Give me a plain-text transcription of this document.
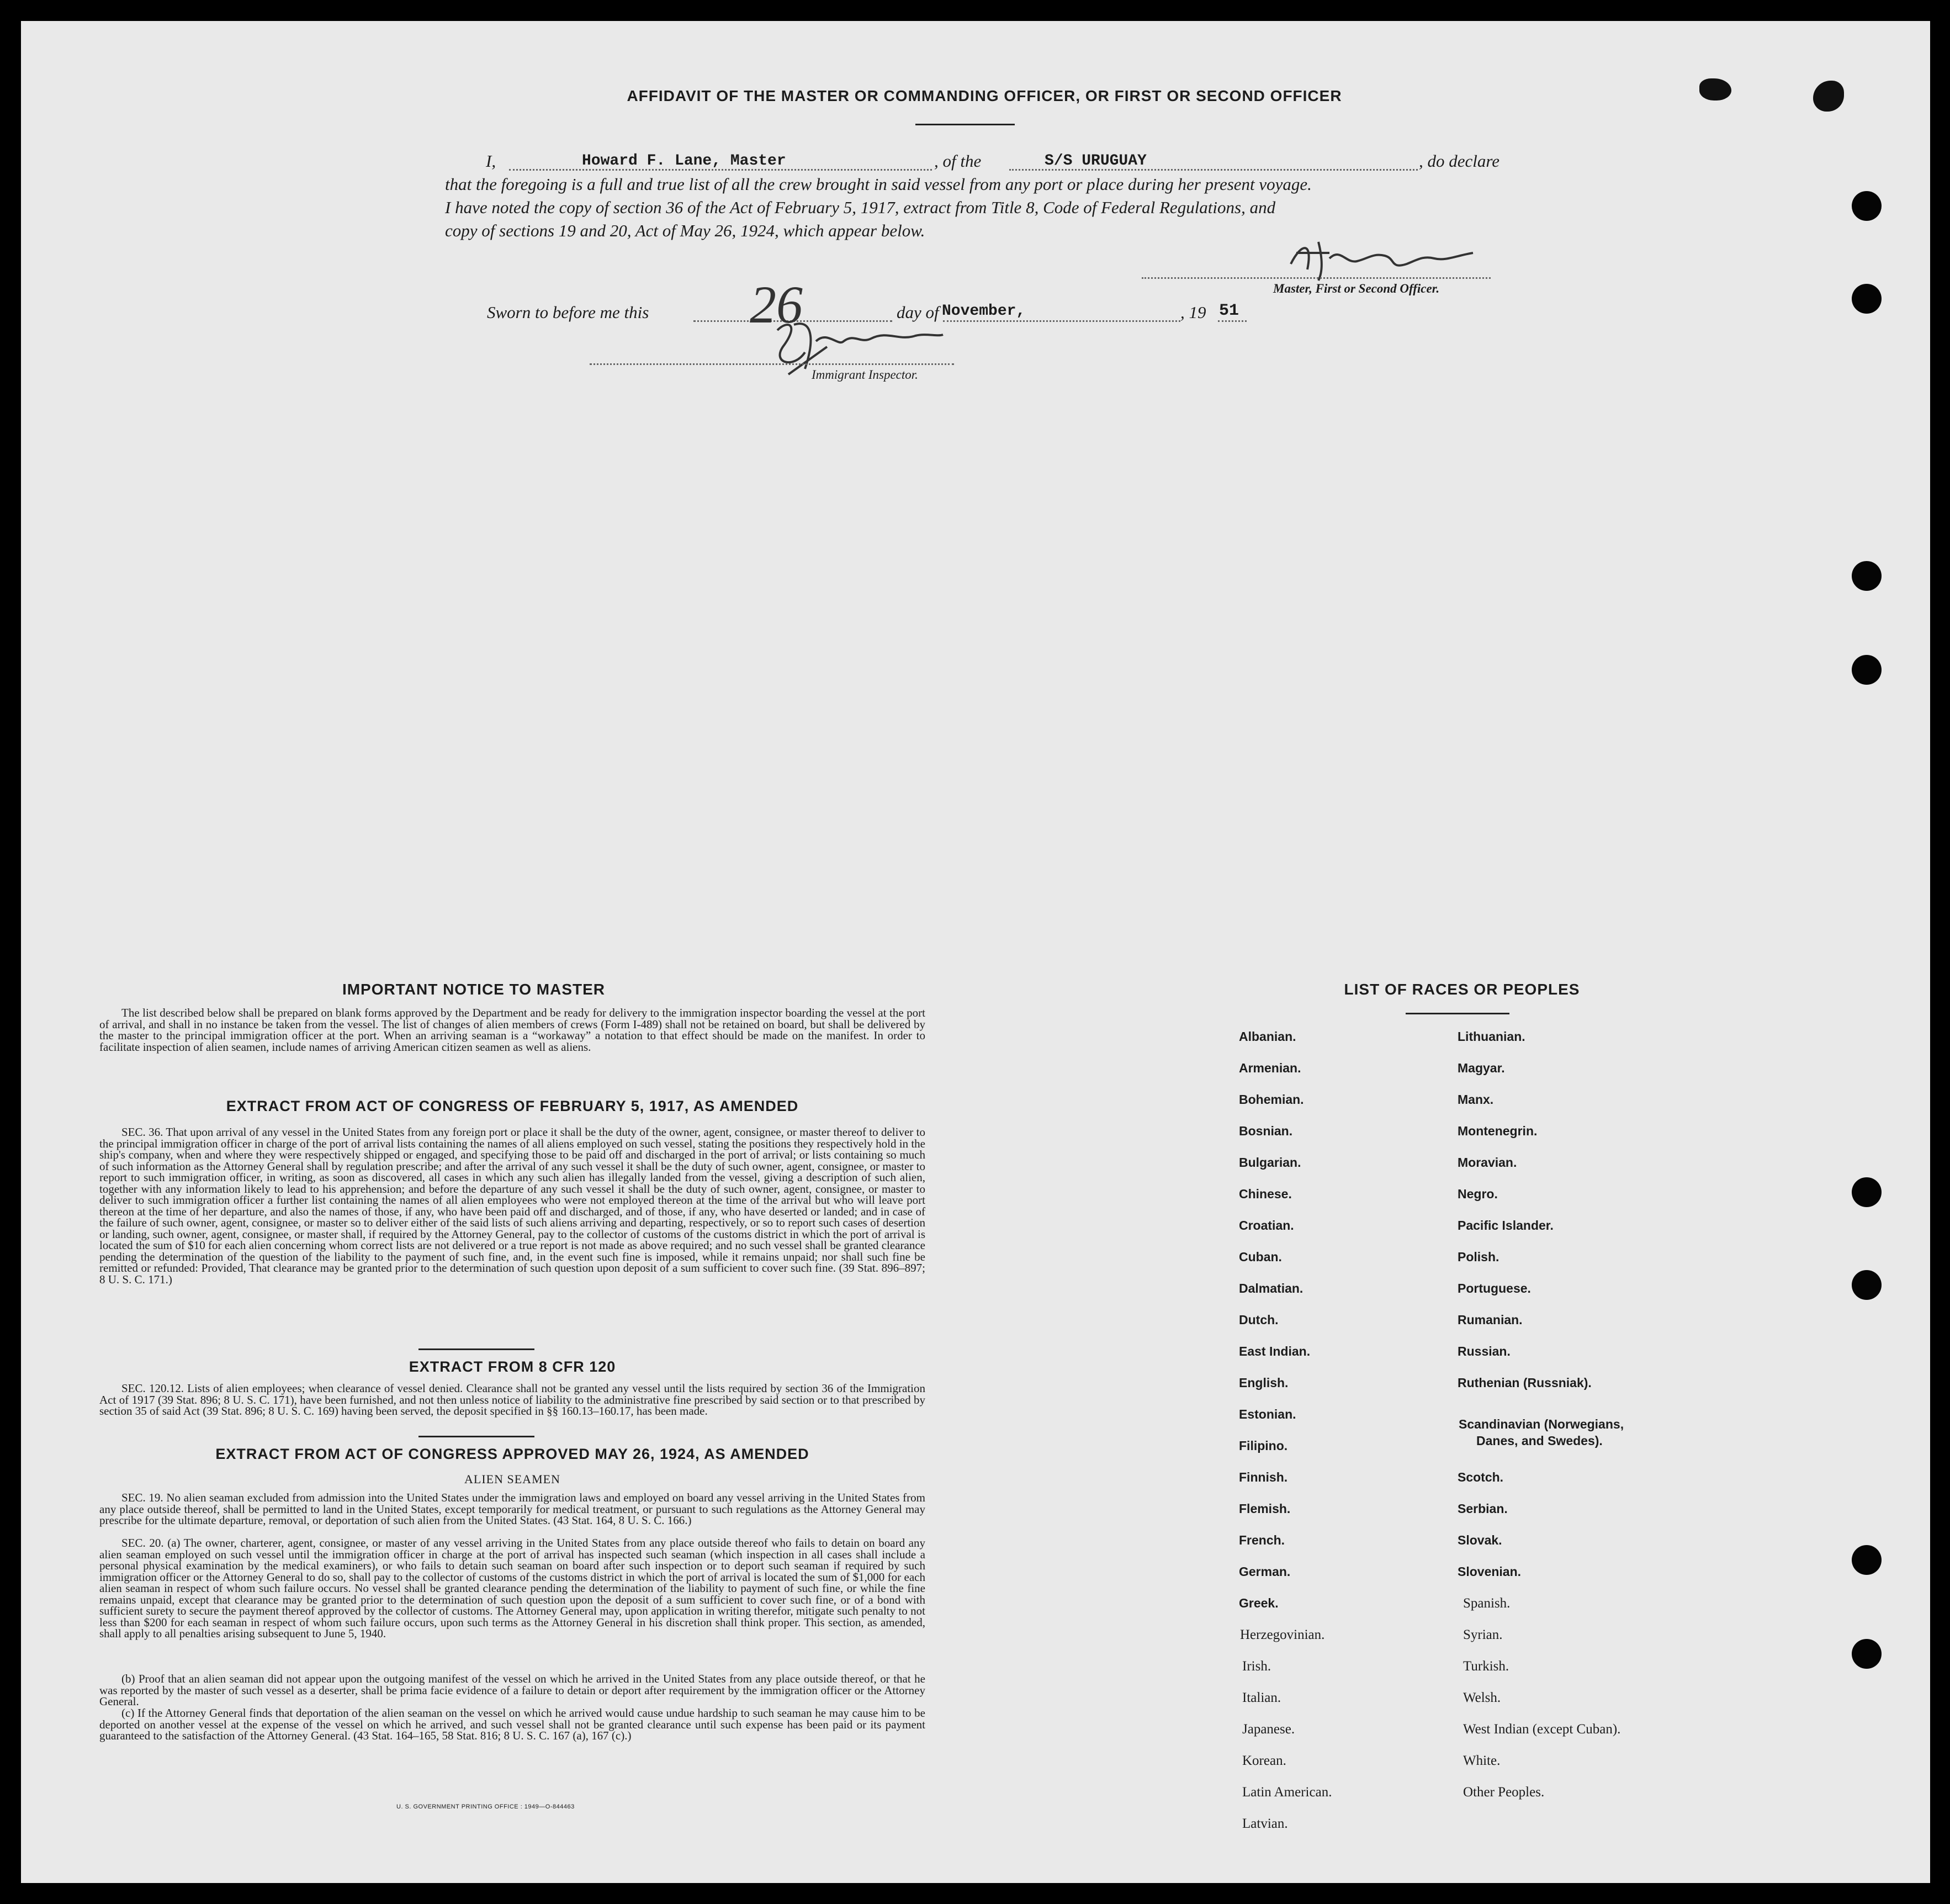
AFFIDAVIT OF THE MASTER OR COMMANDING OFFICER, OR FIRST OR SECOND OFFICER
I,	Howard F. Lane, Master	, of the	S/S URUGUAY	, do declare
that the foregoing is a full and true list of all the crew brought in said vessel from any port or place during her present voyage.
I have noted the copy of section 36 of the Act of February 5, 1917, extract from Title 8, Code of Federal Regulations, and
copy of sections 19 and 20, Act of May 26, 1924, which appear below.
Master, First or Second Officer.
Sworn to before me this 26	day of November,	, 19 51
Immigrant Inspector.
IMPORTANT NOTICE TO MASTER
The list described below shall be prepared on blank forms approved by the Department and be ready for delivery to the immigration inspector boarding the vessel at the port of arrival, and shall in no instance be taken from the vessel. The list of changes of alien members of crews (Form I-489) shall not be retained on board, but shall be delivered by the master to the principal immigration officer at the port. When an arriving seaman is a “workaway” a notation to that effect should be made on the manifest. In order to facilitate inspection of alien seamen, include names of arriving American citizen seamen as well as aliens.
EXTRACT FROM ACT OF CONGRESS OF FEBRUARY 5, 1917, AS AMENDED
SEC. 36. That upon arrival of any vessel in the United States from any foreign port or place it shall be the duty of the owner, agent, consignee, or master thereof to deliver to the principal immigration officer in charge of the port of arrival lists containing the names of all aliens employed on such vessel, stating the positions they respectively hold in the ship's company, when and where they were respectively shipped or engaged, and specifying those to be paid off and discharged in the port of arrival; or lists containing so much of such information as the Attorney General shall by regulation prescribe; and after the arrival of any such vessel it shall be the duty of such owner, agent, consignee, or master to report to such immigration officer, in writing, as soon as discovered, all cases in which any such alien has illegally landed from the vessel, giving a description of such alien, together with any information likely to lead to his apprehension; and before the departure of any such vessel it shall be the duty of such owner, agent, consignee, or master to deliver to such immigration officer a further list containing the names of all alien employees who were not employed thereon at the time of the arrival but who will leave port thereon at the time of her departure, and also the names of those, if any, who have been paid off and discharged, and of those, if any, who have deserted or landed; and in case of the failure of such owner, agent, consignee, or master so to deliver either of the said lists of such aliens arriving and departing, respectively, or so to report such cases of desertion or landing, such owner, agent, consignee, or master shall, if required by the Attorney General, pay to the collector of customs of the customs district in which the port of arrival is located the sum of $10 for each alien concerning whom correct lists are not delivered or a true report is not made as above required; and no such vessel shall be granted clearance pending the determination of the question of the liability to the payment of such fine, and, in the event such fine is imposed, while it remains unpaid; nor shall such fine be remitted or refunded: Provided, That clearance may be granted prior to the determination of such question upon deposit of a sum sufficient to cover such fine. (39 Stat. 896–897; 8 U. S. C. 171.)
EXTRACT FROM 8 CFR 120
SEC. 120.12. Lists of alien employees; when clearance of vessel denied. Clearance shall not be granted any vessel until the lists required by section 36 of the Immigration Act of 1917 (39 Stat. 896; 8 U. S. C. 171), have been furnished, and not then unless notice of liability to the administrative fine prescribed by said section or to that prescribed by section 35 of said Act (39 Stat. 896; 8 U. S. C. 169) having been served, the deposit specified in §§ 160.13–160.17, has been made.
EXTRACT FROM ACT OF CONGRESS APPROVED MAY 26, 1924, AS AMENDED
ALIEN SEAMEN
SEC. 19. No alien seaman excluded from admission into the United States under the immigration laws and employed on board any vessel arriving in the United States from any place outside thereof, shall be permitted to land in the United States, except temporarily for medical treatment, or pursuant to such regulations as the Attorney General may prescribe for the ultimate departure, removal, or deportation of such alien from the United States. (43 Stat. 164, 8 U. S. C. 166.)
SEC. 20. (a) The owner, charterer, agent, consignee, or master of any vessel arriving in the United States from any place outside thereof who fails to detain on board any alien seaman employed on such vessel until the immigration officer in charge at the port of arrival has inspected such seaman (which inspection in all cases shall include a personal physical examination by the medical examiners), or who fails to detain such seaman on board after such inspection or to deport such seaman if required by such immigration officer or the Attorney General to do so, shall pay to the collector of customs of the customs district in which the port of arrival is located the sum of $1,000 for each alien seaman in respect of whom such failure occurs. No vessel shall be granted clearance pending the determination of the liability to payment of such fine, or while the fine remains unpaid, except that clearance may be granted prior to the determination of such question upon the deposit of a sum sufficient to cover such fine, or of a bond with sufficient surety to secure the payment thereof approved by the collector of customs. The Attorney General may, upon application in writing therefor, mitigate such penalty to not less than $200 for each seaman in respect of whom such failure occurs, upon such terms as the Attorney General in his discretion shall think proper. This section, as amended, shall apply to all penalties arising subsequent to June 5, 1940.
(b) Proof that an alien seaman did not appear upon the outgoing manifest of the vessel on which he arrived in the United States from any place outside thereof, or that he was reported by the master of such vessel as a deserter, shall be prima facie evidence of a failure to detain or deport after requirement by the immigration officer or the Attorney General.
(c) If the Attorney General finds that deportation of the alien seaman on the vessel on which he arrived would cause undue hardship to such seaman he may cause him to be deported on another vessel at the expense of the vessel on which he arrived, and such vessel shall not be granted clearance until such expense has been paid or its payment guaranteed to the satisfaction of the Attorney General. (43 Stat. 164–165, 58 Stat. 816; 8 U. S. C. 167 (a), 167 (c).)
U. S. GOVERNMENT PRINTING OFFICE : 1949—O-844463
LIST OF RACES OR PEOPLES
Albanian.
Armenian.
Bohemian.
Bosnian.
Bulgarian.
Chinese.
Croatian.
Cuban.
Dalmatian.
Dutch.
East Indian.
English.
Estonian.
Filipino.
Finnish.
Flemish.
French.
German.
Greek.
Herzegovinian.
Irish.
Italian.
Japanese.
Korean.
Latin American.
Latvian.
Lithuanian.
Magyar.
Manx.
Montenegrin.
Moravian.
Negro.
Pacific Islander.
Polish.
Portuguese.
Rumanian.
Russian.
Ruthenian (Russniak).
Scandinavian (Norwegians,
Danes, and Swedes).
Scotch.
Serbian.
Slovak.
Slovenian.
Spanish.
Syrian.
Turkish.
Welsh.
West Indian (except Cuban).
White.
Other Peoples.
